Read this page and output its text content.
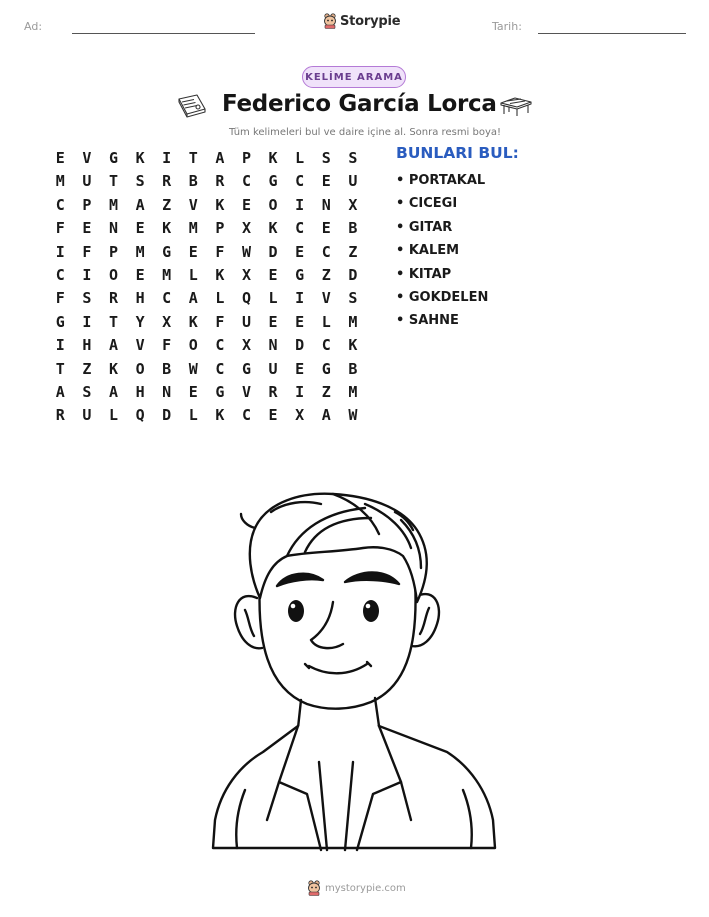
Ad:	Storypie	Tarih:
KELİME ARAMA
Federico García Lorca
Tüm kelimeleri bul ve daire içine al. Sonra resmi boya!
E	V	G	K	I	T	A	P	K	L	S	S
M	U	T	S	R	B	R	C	G	C	E	U
C	P	M	A	Z	V	K	E	O	I	N	X
F	E	N	E	K	M	P	X	K	C	E	B
I	F	P	M	G	E	F	W	D	E	C	Z
C	I	O	E	M	L	K	X	E	G	Z	D
F	S	R	H	C	A	L	Q	L	I	V	S
G	I	T	Y	X	K	F	U	E	E	L	M
I	H	A	V	F	O	C	X	N	D	C	K
T	Z	K	O	B	W	C	G	U	E	G	B
A	S	A	H	N	E	G	V	R	I	Z	M
R	U	L	Q	D	L	K	C	E	X	A	W
BUNLARI BUL:
• PORTAKAL
• CICEGI
• GITAR
• KALEM
• KITAP
• GOKDELEN
• SAHNE
mystorypie.com
